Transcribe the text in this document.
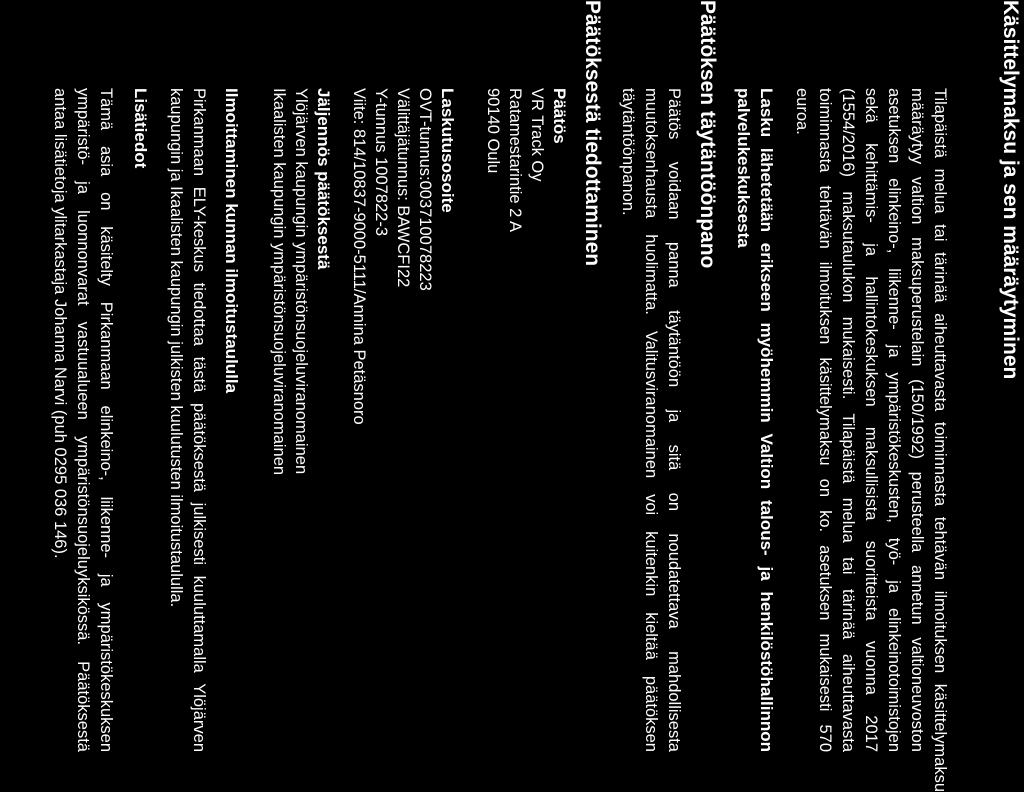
Käsittelymaksu ja sen määräytyminen
Tilapäistä melua tai tärinää aiheuttavasta toiminnasta tehtävän ilmoituksen käsittelymaksu
määräytyy valtion maksuperustelain (150/1992) perusteella annetun valtioneuvoston
asetuksen elinkeino-, liikenne- ja ympäristökeskusten, työ- ja elinkeinotoimistojen
sekä kehittämis- ja hallintokeskuksen maksullisista suoritteista vuonna 2017
(1554/2016) maksutaulukon mukaisesti. Tilapäistä melua tai tärinää aiheuttavasta
toiminnasta tehtävän ilmoituksen käsittelymaksu on ko. asetuksen mukaisesti 570
euroa.
Lasku lähetetään erikseen myöhemmin Valtion talous- ja henkilöstöhallinnon
palvelukeskuksesta
Päätöksen täytäntöönpano
Päätös voidaan panna täytäntöön ja sitä on noudatettava mahdollisesta
muutoksenhausta huolimatta. Valitusviranomainen voi kuitenkin kieltää päätöksen
täytäntöönpanon.
Päätöksestä tiedottaminen
Päätös
VR Track Oy
Ratamestarintie 2 A
90140 Oulu
Laskutusosoite
OVT-tunnus:003710078223
Välittäjätunnus: BAWCFI22
Y-tunnus 1007822-3
Viite: 814/10837-9000-5111/Annina Petäsnoro
Jäljennös päätöksestä
Ylöjärven kaupungin ympäristönsuojeluviranomainen
Ikaalisten kaupungin ympäristönsuojeluviranomainen
Ilmoittaminen kunnan ilmoitustaululla
Pirkanmaan ELY-keskus tiedottaa tästä päätöksestä julkisesti kuuluttamalla Ylöjärven
kaupungin ja Ikaalisten kaupungin julkisten kuulutusten ilmoitustaululla.
Lisätiedot
Tämä asia on käsitelty Pirkanmaan elinkeino-, liikenne- ja ympäristökeskuksen
ympäristö- ja luonnonvarat vastuualueen ympäristönsuojeluyksikössä. Päätöksestä
antaa lisätietoja ylitarkastaja Johanna Narvi (puh 0295 036 146).
